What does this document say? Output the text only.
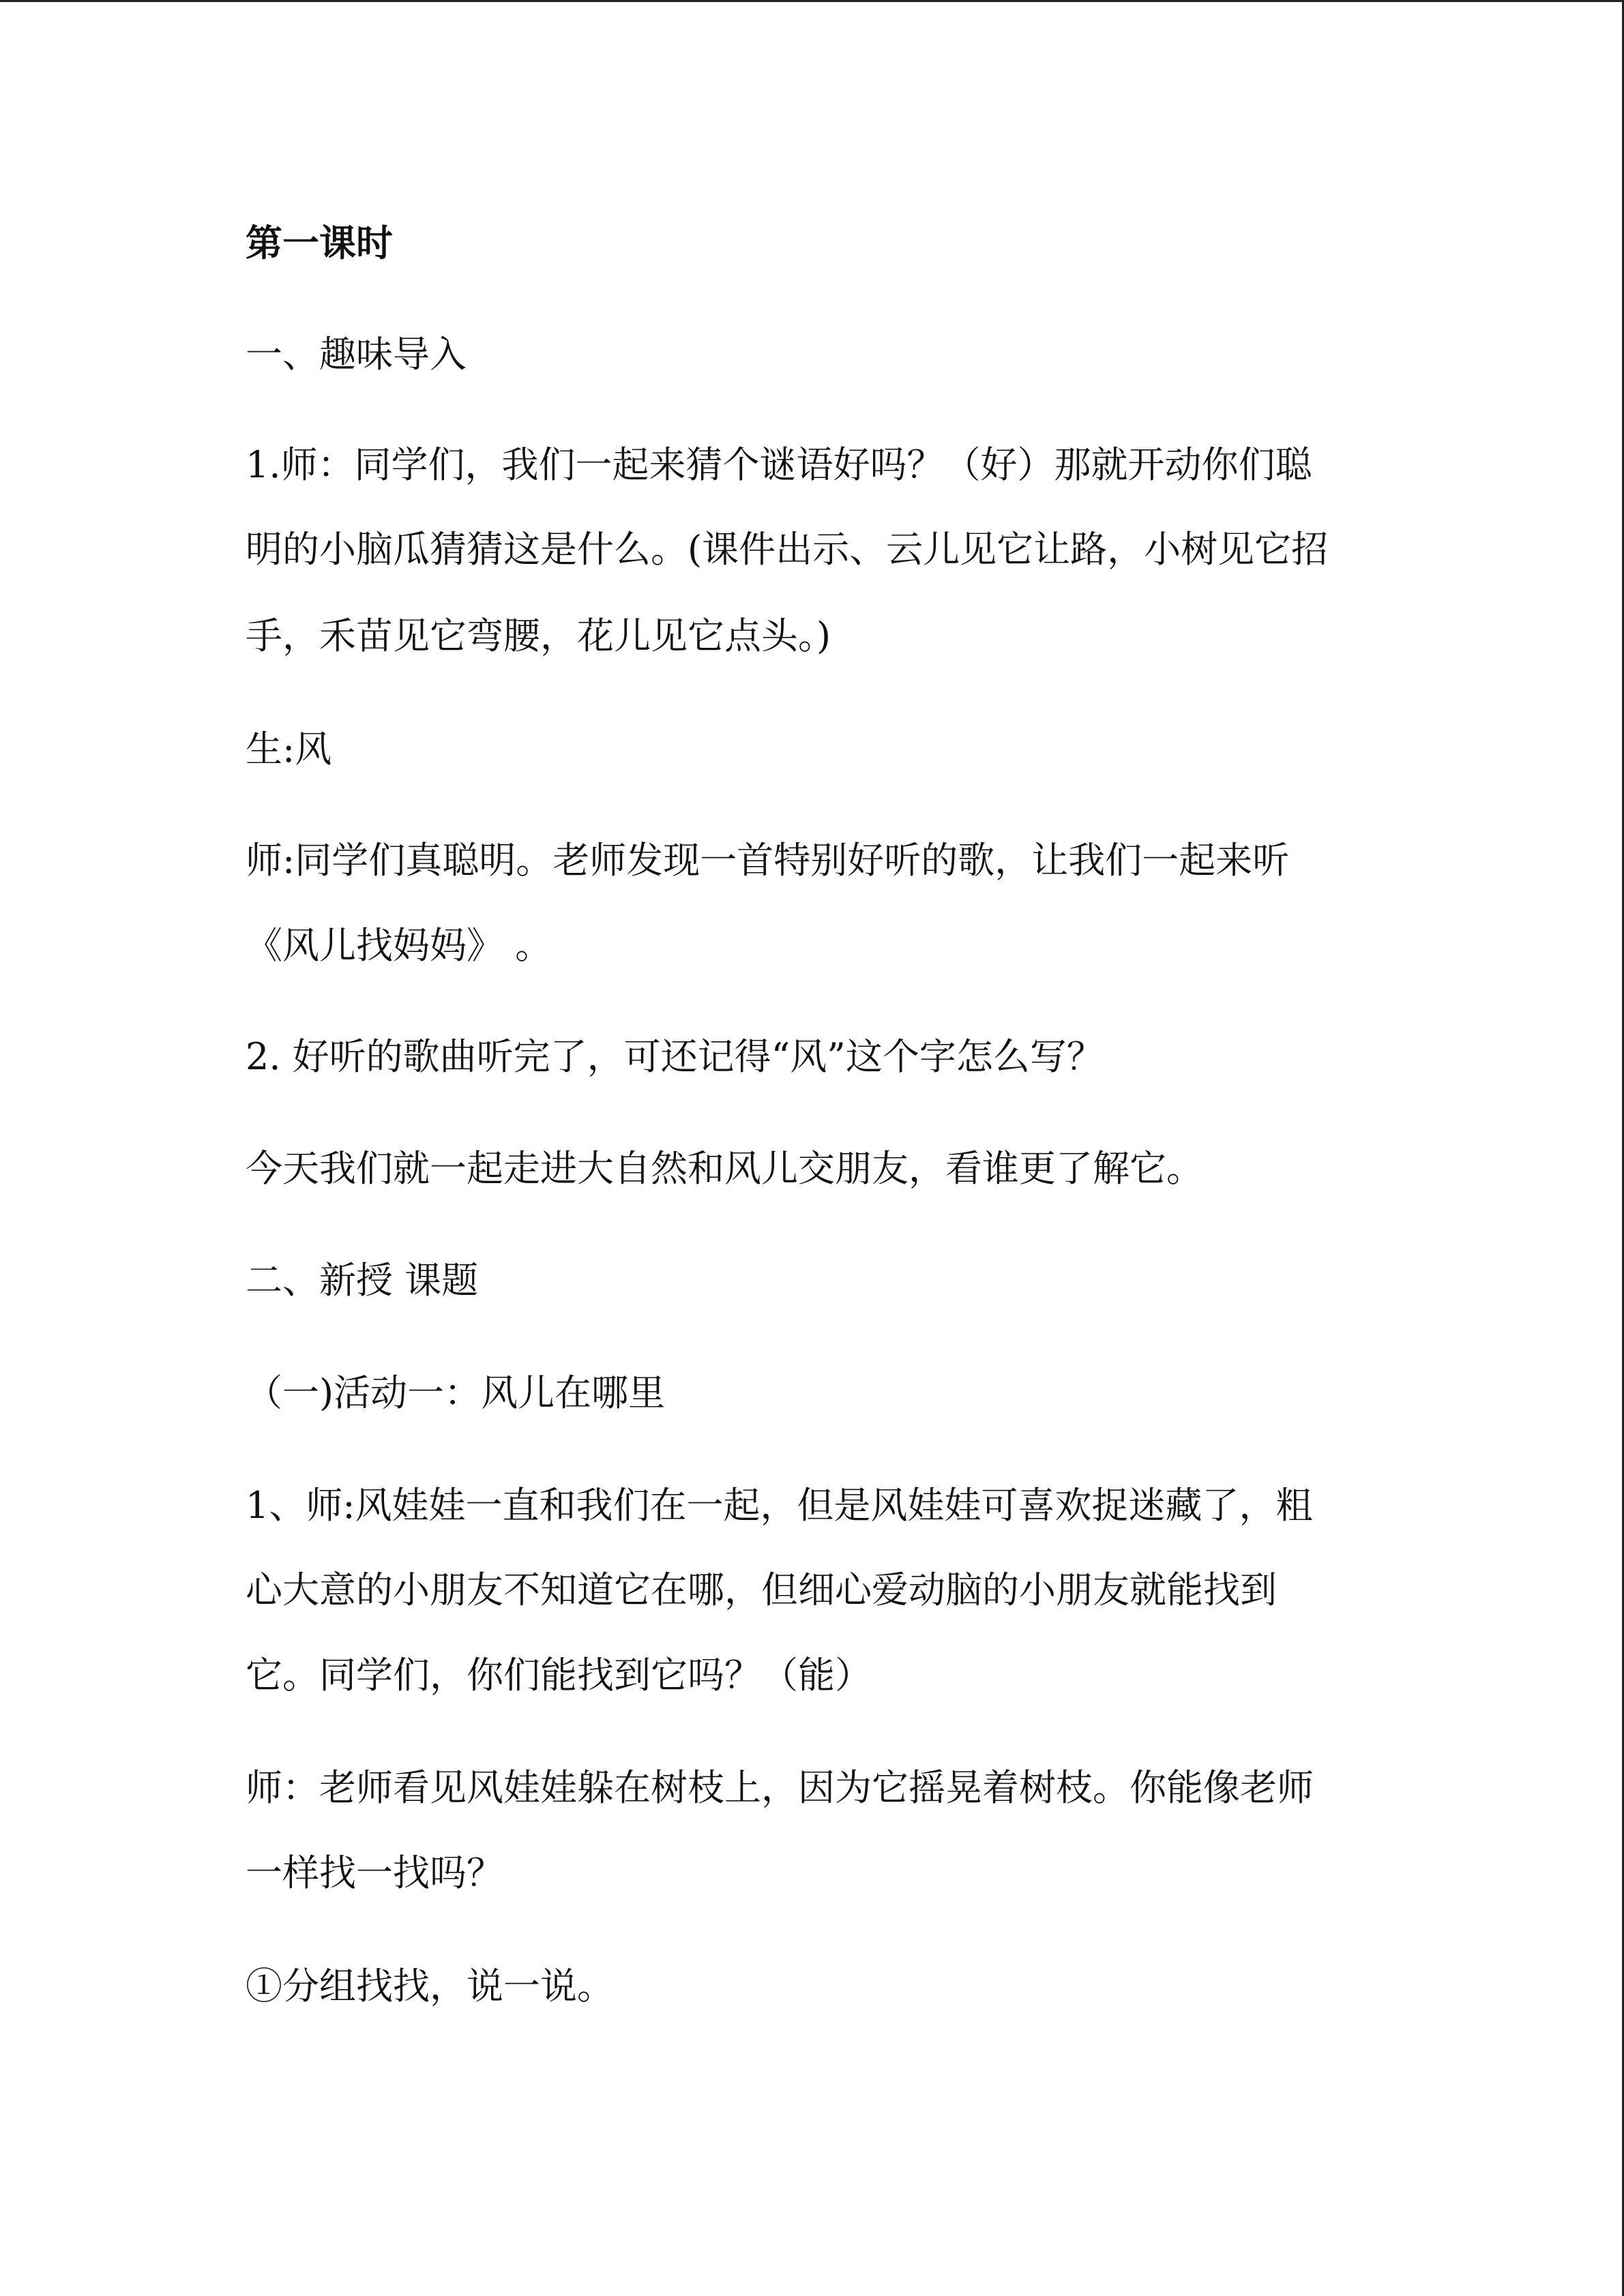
第一课时
一、趣味导入
1.师：同学们，我们一起来猜个谜语好吗？（好）那就开动你们聪
明的小脑瓜猜猜这是什么。(课件出示、云儿见它让路，小树见它招
手，禾苗见它弯腰，花儿见它点头。)
生:风
师:同学们真聪明。老师发现一首特别好听的歌，让我们一起来听
《风儿找妈妈》 。
2. 好听的歌曲听完了，可还记得“风”这个字怎么写？
今天我们就一起走进大自然和风儿交朋友，看谁更了解它。
二、新授 课题
（一)活动一：风儿在哪里
1、师:风娃娃一直和我们在一起，但是风娃娃可喜欢捉迷藏了，粗
心大意的小朋友不知道它在哪，但细心爱动脑的小朋友就能找到
它。同学们，你们能找到它吗？（能）
师：老师看见风娃娃躲在树枝上，因为它摇晃着树枝。你能像老师
一样找一找吗？
①分组找找，说一说。
